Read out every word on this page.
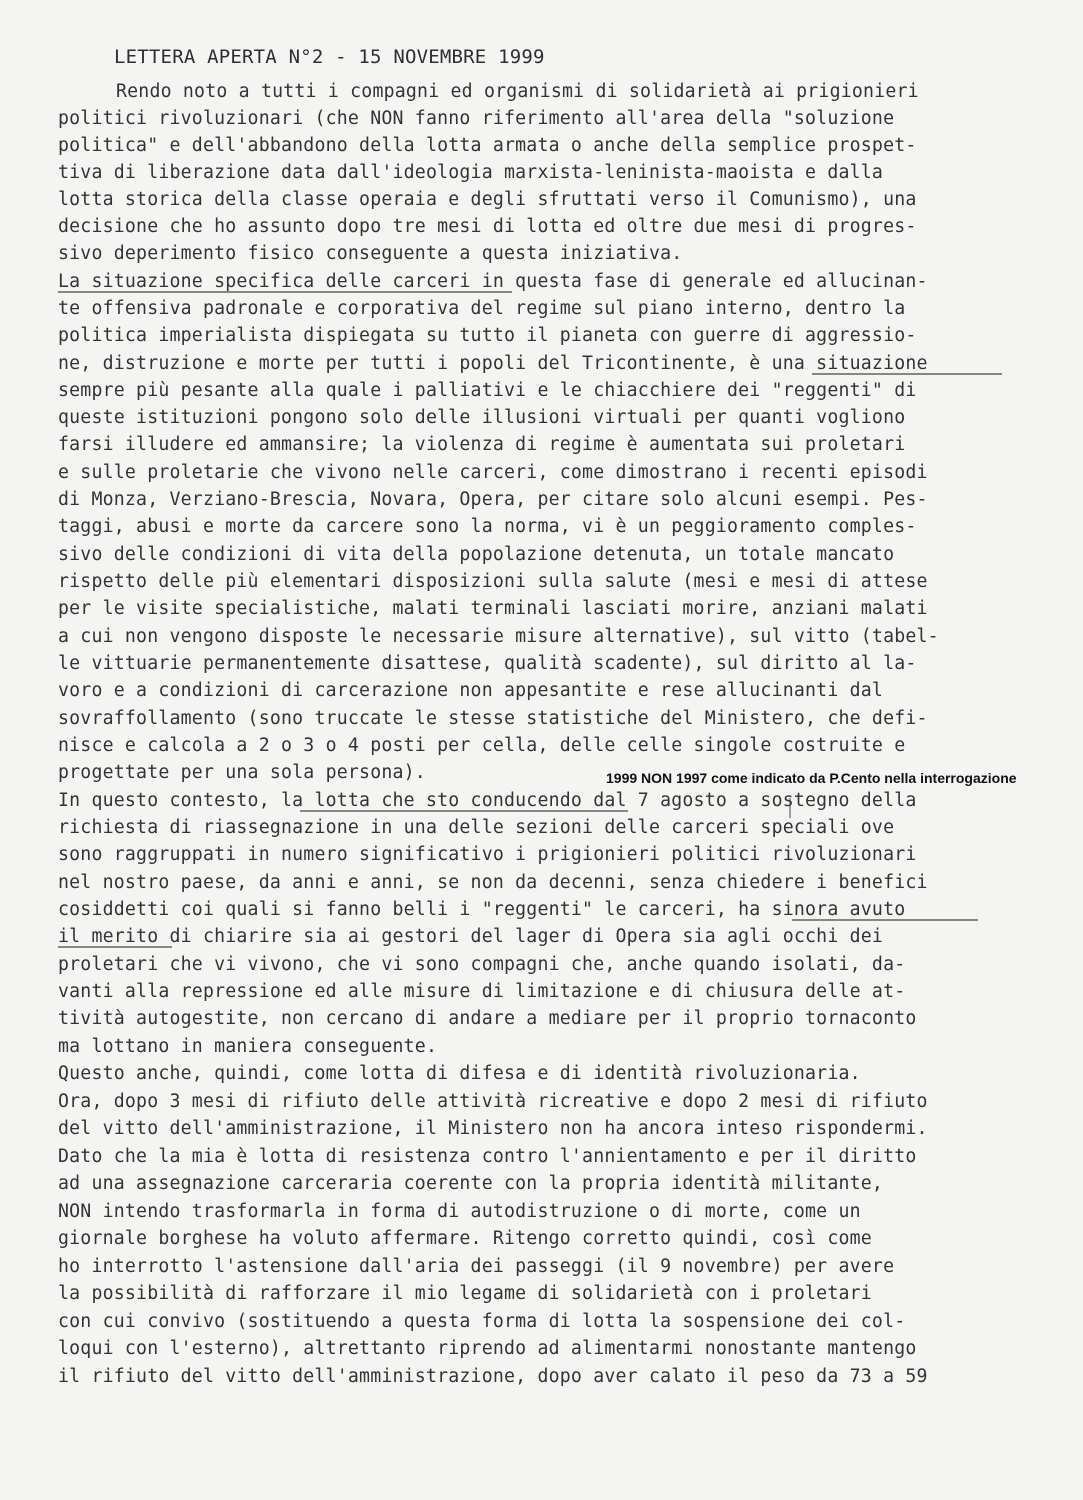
LETTERA APERTA N°2 - 15 NOVEMBRE 1999
Rendo noto a tutti i compagni ed organismi di solidarietà ai prigionieri
politici rivoluzionari (che NON fanno riferimento all'area della "soluzione
politica" e dell'abbandono della lotta armata o anche della semplice prospet-
tiva di liberazione data dall'ideologia marxista-leninista-maoista e dalla
lotta storica della classe operaia e degli sfruttati verso il Comunismo), una
decisione che ho assunto dopo tre mesi di lotta ed oltre due mesi di progres-
sivo deperimento fisico conseguente a questa iniziativa.
La situazione specifica delle carceri in questa fase di generale ed allucinan-
te offensiva padronale e corporativa del regime sul piano interno, dentro la
politica imperialista dispiegata su tutto il pianeta con guerre di aggressio-
ne, distruzione e morte per tutti i popoli del Tricontinente, è una situazione
sempre più pesante alla quale i palliativi e le chiacchiere dei "reggenti" di
queste istituzioni pongono solo delle illusioni virtuali per quanti vogliono
farsi illudere ed ammansire; la violenza di regime è aumentata sui proletari
e sulle proletarie che vivono nelle carceri, come dimostrano i recenti episodi
di Monza, Verziano-Brescia, Novara, Opera, per citare solo alcuni esempi. Pes-
taggi, abusi e morte da carcere sono la norma, vi è un peggioramento comples-
sivo delle condizioni di vita della popolazione detenuta, un totale mancato
rispetto delle più elementari disposizioni sulla salute (mesi e mesi di attese
per le visite specialistiche, malati terminali lasciati morire, anziani malati
a cui non vengono disposte le necessarie misure alternative), sul vitto (tabel-
le vittuarie permanentemente disattese, qualità scadente), sul diritto al la-
voro e a condizioni di carcerazione non appesantite e rese allucinanti dal
sovraffollamento (sono truccate le stesse statistiche del Ministero, che defi-
nisce e calcola a 2 o 3 o 4 posti per cella, delle celle singole costruite e
progettate per una sola persona).
In questo contesto, la lotta che sto conducendo dal 7 agosto a sostegno della
richiesta di riassegnazione in una delle sezioni delle carceri speciali ove
sono raggruppati in numero significativo i prigionieri politici rivoluzionari
nel nostro paese, da anni e anni, se non da decenni, senza chiedere i benefici
cosiddetti coi quali si fanno belli i "reggenti" le carceri, ha sinora avuto
il merito di chiarire sia ai gestori del lager di Opera sia agli occhi dei
proletari che vi vivono, che vi sono compagni che, anche quando isolati, da-
vanti alla repressione ed alle misure di limitazione e di chiusura delle at-
tività autogestite, non cercano di andare a mediare per il proprio tornaconto
ma lottano in maniera conseguente.
Questo anche, quindi, come lotta di difesa e di identità rivoluzionaria.
Ora, dopo 3 mesi di rifiuto delle attività ricreative e dopo 2 mesi di rifiuto
del vitto dell'amministrazione, il Ministero non ha ancora inteso rispondermi.
Dato che la mia è lotta di resistenza contro l'annientamento e per il diritto
ad una assegnazione carceraria coerente con la propria identità militante,
NON intendo trasformarla in forma di autodistruzione o di morte, come un
giornale borghese ha voluto affermare. Ritengo corretto quindi, così come
ho interrotto l'astensione dall'aria dei passeggi (il 9 novembre) per avere
la possibilità di rafforzare il mio legame di solidarietà con i proletari
con cui convivo (sostituendo a questa forma di lotta la sospensione dei col-
loqui con l'esterno), altrettanto riprendo ad alimentarmi nonostante mantengo
il rifiuto del vitto dell'amministrazione, dopo aver calato il peso da 73 a 59
1999 NON 1997 come indicato da P.Cento nella interrogazione
